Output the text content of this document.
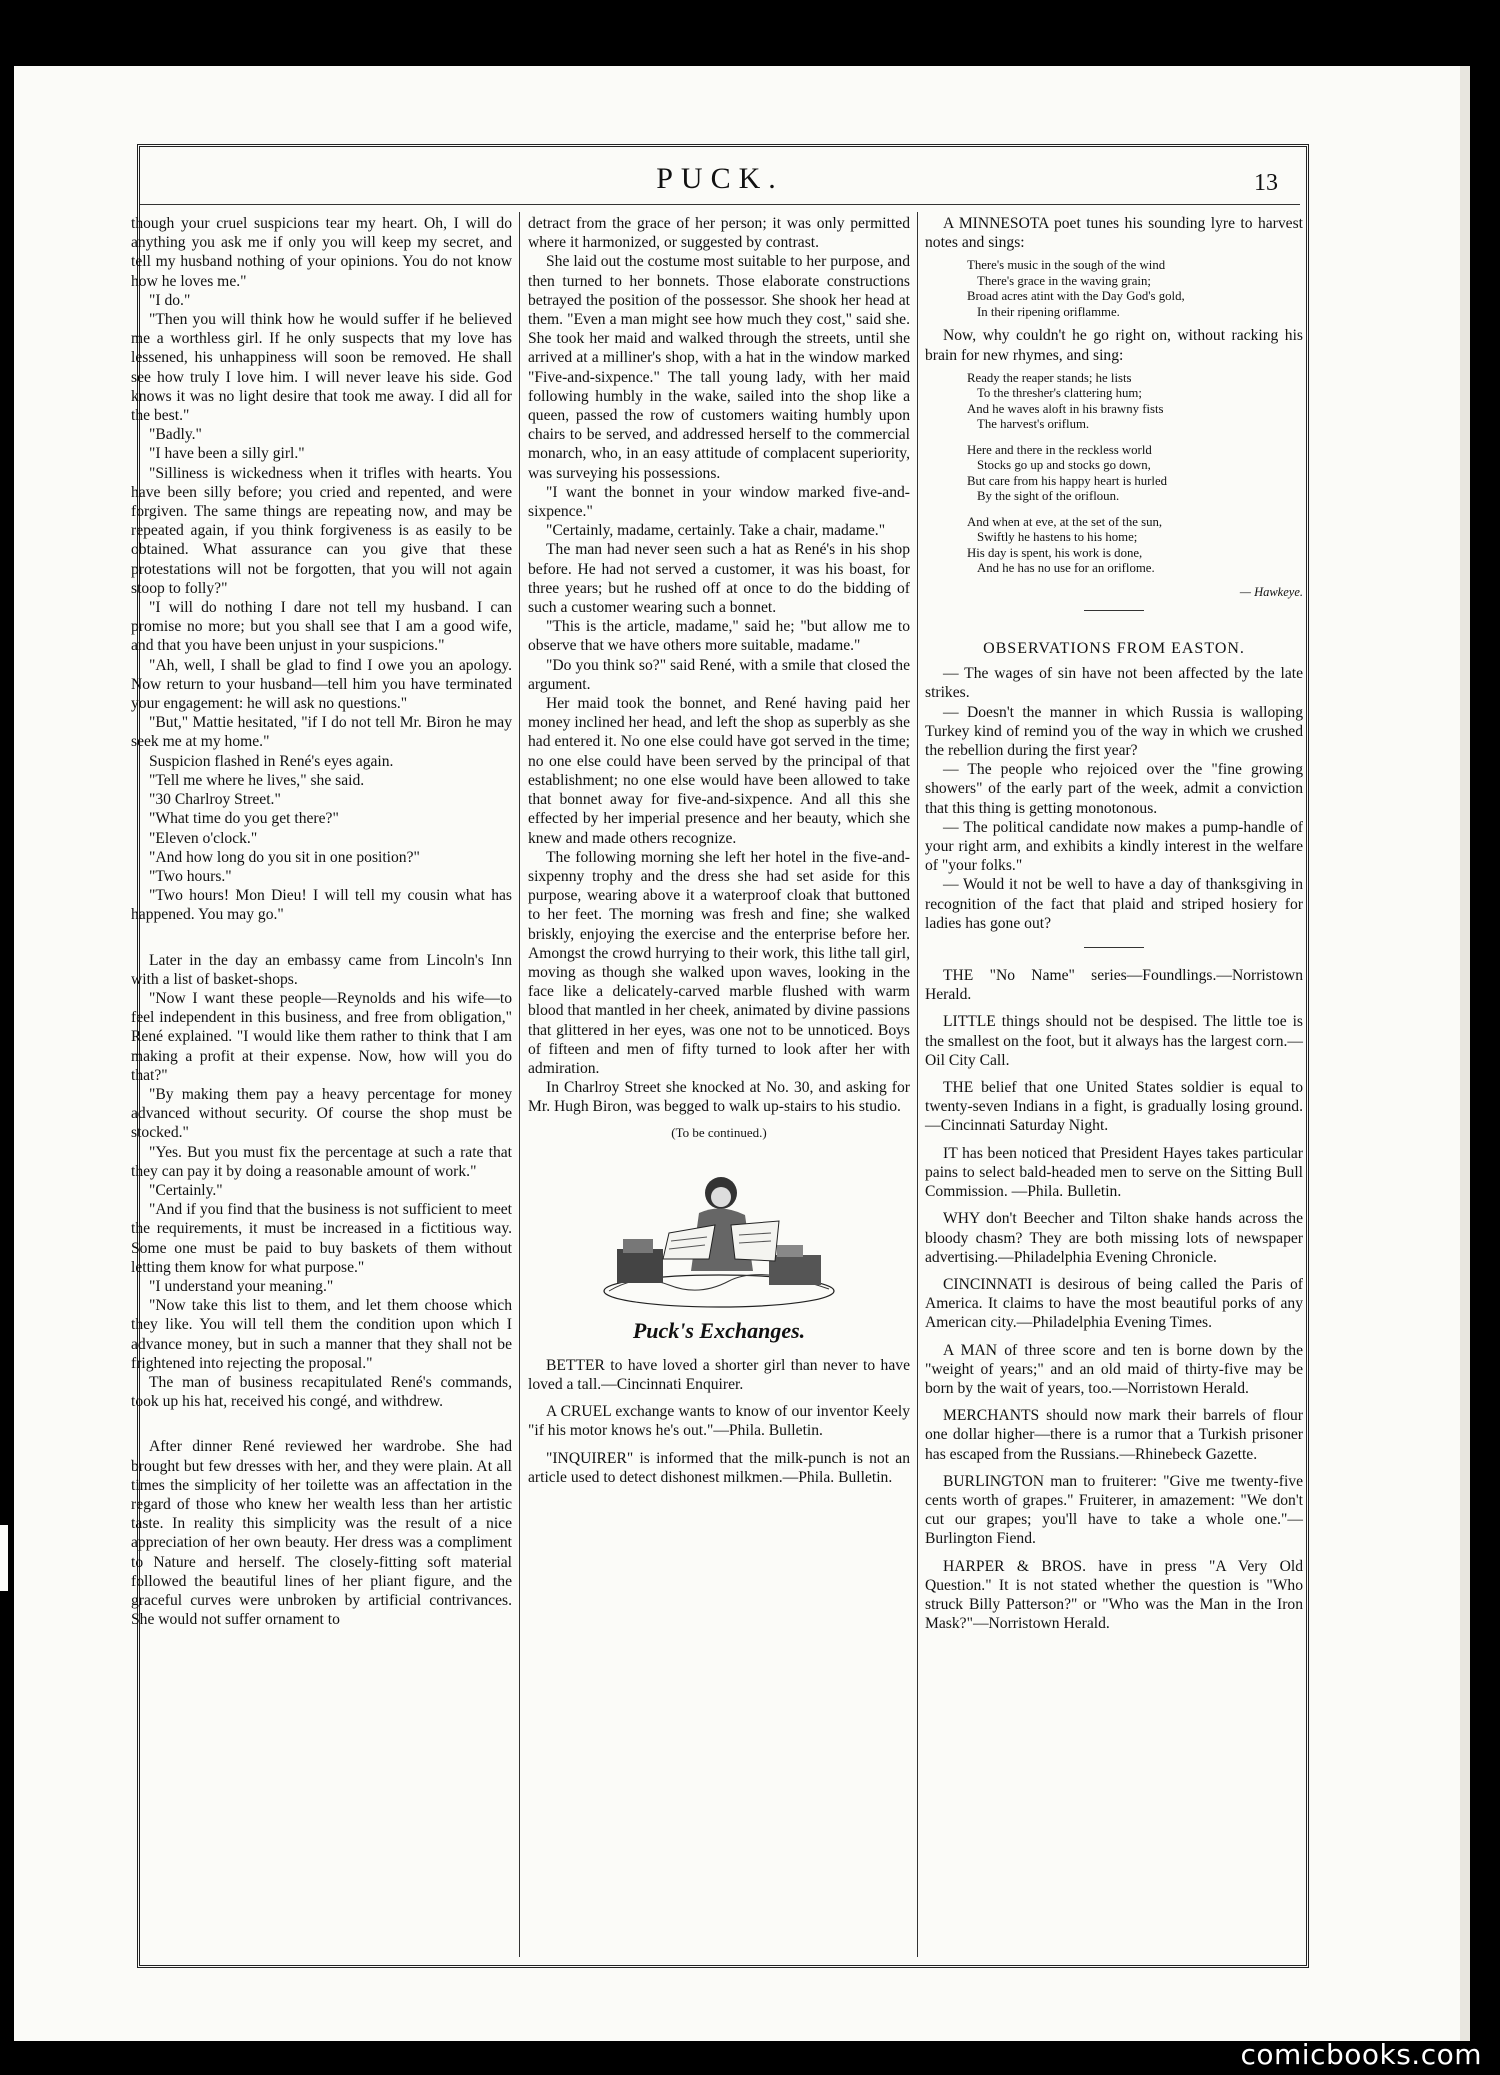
PUCK.	13

though your cruel suspicions tear my heart. Oh, I will do anything you ask me if only you will keep my secret, and tell my husband nothing of your opinions. You do not know how he loves me."

"I do."

"Then you will think how he would suffer if he believed me a worthless girl. If he only suspects that my love has lessened, his unhappiness will soon be removed. He shall see how truly I love him. I will never leave his side. God knows it was no light desire that took me away. I did all for the best."

"Badly."

"I have been a silly girl."

"Silliness is wickedness when it trifles with hearts. You have been silly before; you cried and repented, and were forgiven. The same things are repeating now, and may be repeated again, if you think forgiveness is as easily to be obtained. What assurance can you give that these protestations will not be forgotten, that you will not again stoop to folly?"

"I will do nothing I dare not tell my husband. I can promise no more; but you shall see that I am a good wife, and that you have been unjust in your suspicions."

"Ah, well, I shall be glad to find I owe you an apology. Now return to your husband—tell him you have terminated your engagement: he will ask no questions."

"But," Mattie hesitated, "if I do not tell Mr. Biron he may seek me at my home."

Suspicion flashed in René's eyes again.

"Tell me where he lives," she said.

"30 Charlroy Street."

"What time do you get there?"

"Eleven o'clock."

"And how long do you sit in one position?"

"Two hours."

"Two hours! Mon Dieu! I will tell my cousin what has happened. You may go."

Later in the day an embassy came from Lincoln's Inn with a list of basket-shops.

"Now I want these people—Reynolds and his wife—to feel independent in this business, and free from obligation," René explained. "I would like them rather to think that I am making a profit at their expense. Now, how will you do that?"

"By making them pay a heavy percentage for money advanced without security. Of course the shop must be stocked."

"Yes. But you must fix the percentage at such a rate that they can pay it by doing a reasonable amount of work."

"Certainly."

"And if you find that the business is not sufficient to meet the requirements, it must be increased in a fictitious way. Some one must be paid to buy baskets of them without letting them know for what purpose."

"I understand your meaning."

"Now take this list to them, and let them choose which they like. You will tell them the condition upon which I advance money, but in such a manner that they shall not be frightened into rejecting the proposal."

The man of business recapitulated René's commands, took up his hat, received his congé, and withdrew.

After dinner René reviewed her wardrobe. She had brought but few dresses with her, and they were plain. At all times the simplicity of her toilette was an affectation in the regard of those who knew her wealth less than her artistic taste. In reality this simplicity was the result of a nice appreciation of her own beauty. Her dress was a compliment to Nature and herself. The closely-fitting soft material followed the beautiful lines of her pliant figure, and the graceful curves were unbroken by artificial contrivances. She would not suffer ornament to

detract from the grace of her person; it was only permitted where it harmonized, or suggested by contrast.

She laid out the costume most suitable to her purpose, and then turned to her bonnets. Those elaborate constructions betrayed the position of the possessor. She shook her head at them. "Even a man might see how much they cost," said she. She took her maid and walked through the streets, until she arrived at a milliner's shop, with a hat in the window marked "Five-and-sixpence." The tall young lady, with her maid following humbly in the wake, sailed into the shop like a queen, passed the row of customers waiting humbly upon chairs to be served, and addressed herself to the commercial monarch, who, in an easy attitude of complacent superiority, was surveying his possessions.

"I want the bonnet in your window marked five-and-sixpence."

"Certainly, madame, certainly. Take a chair, madame."

The man had never seen such a hat as René's in his shop before. He had not served a customer, it was his boast, for three years; but he rushed off at once to do the bidding of such a customer wearing such a bonnet.

"This is the article, madame," said he; "but allow me to observe that we have others more suitable, madame."

"Do you think so?" said René, with a smile that closed the argument.

Her maid took the bonnet, and René having paid her money inclined her head, and left the shop as superbly as she had entered it. No one else could have got served in the time; no one else could have been served by the principal of that establishment; no one else would have been allowed to take that bonnet away for five-and-sixpence. And all this she effected by her imperial presence and her beauty, which she knew and made others recognize.

The following morning she left her hotel in the five-and-sixpenny trophy and the dress she had set aside for this purpose, wearing above it a waterproof cloak that buttoned to her feet. The morning was fresh and fine; she walked briskly, enjoying the exercise and the enterprise before her. Amongst the crowd hurrying to their work, this lithe tall girl, moving as though she walked upon waves, looking in the face like a delicately-carved marble flushed with warm blood that mantled in her cheek, animated by divine passions that glittered in her eyes, was one not to be unnoticed. Boys of fifteen and men of fifty turned to look after her with admiration.

In Charlroy Street she knocked at No. 30, and asking for Mr. Hugh Biron, was begged to walk up-stairs to his studio.

(To be continued.)

Puck's Exchanges.

BETTER to have loved a shorter girl than never to have loved a tall.—Cincinnati Enquirer.

A CRUEL exchange wants to know of our inventor Keely "if his motor knows he's out."—Phila. Bulletin.

"INQUIRER" is informed that the milk-punch is not an article used to detect dishonest milkmen.—Phila. Bulletin.

A MINNESOTA poet tunes his sounding lyre to harvest notes and sings:

There's music in the sough of the wind
There's grace in the waving grain;
Broad acres atint with the Day God's gold,
In their ripening oriflamme.

Now, why couldn't he go right on, without racking his brain for new rhymes, and sing:

Ready the reaper stands; he lists
To the thresher's clattering hum;
And he waves aloft in his brawny fists
The harvest's oriflum.
Here and there in the reckless world
Stocks go up and stocks go down,
But care from his happy heart is hurled
By the sight of the orifloun.
And when at eve, at the set of the sun,
Swiftly he hastens to his home;
His day is spent, his work is done,
And he has no use for an oriflome.
— Hawkeye.
OBSERVATIONS FROM EASTON.

— The wages of sin have not been affected by the late strikes.

— Doesn't the manner in which Russia is walloping Turkey kind of remind you of the way in which we crushed the rebellion during the first year?

— The people who rejoiced over the "fine growing showers" of the early part of the week, admit a conviction that this thing is getting monotonous.

— The political candidate now makes a pump-handle of your right arm, and exhibits a kindly interest in the welfare of "your folks."

— Would it not be well to have a day of thanksgiving in recognition of the fact that plaid and striped hosiery for ladies has gone out?

THE "No Name" series—Foundlings.—Norristown Herald.

LITTLE things should not be despised. The little toe is the smallest on the foot, but it always has the largest corn.—Oil City Call.

THE belief that one United States soldier is equal to twenty-seven Indians in a fight, is gradually losing ground.—Cincinnati Saturday Night.

IT has been noticed that President Hayes takes particular pains to select bald-headed men to serve on the Sitting Bull Commission. —Phila. Bulletin.

WHY don't Beecher and Tilton shake hands across the bloody chasm? They are both missing lots of newspaper advertising.—Philadelphia Evening Chronicle.

CINCINNATI is desirous of being called the Paris of America. It claims to have the most beautiful porks of any American city.—Philadelphia Evening Times.

A MAN of three score and ten is borne down by the "weight of years;" and an old maid of thirty-five may be born by the wait of years, too.—Norristown Herald.

MERCHANTS should now mark their barrels of flour one dollar higher—there is a rumor that a Turkish prisoner has escaped from the Russians.—Rhinebeck Gazette.

BURLINGTON man to fruiterer: "Give me twenty-five cents worth of grapes." Fruiterer, in amazement: "We don't cut our grapes; you'll have to take a whole one."—Burlington Fiend.

HARPER & BROS. have in press "A Very Old Question." It is not stated whether the question is "Who struck Billy Patterson?" or "Who was the Man in the Iron Mask?"—Norristown Herald.

comicbooks.com
